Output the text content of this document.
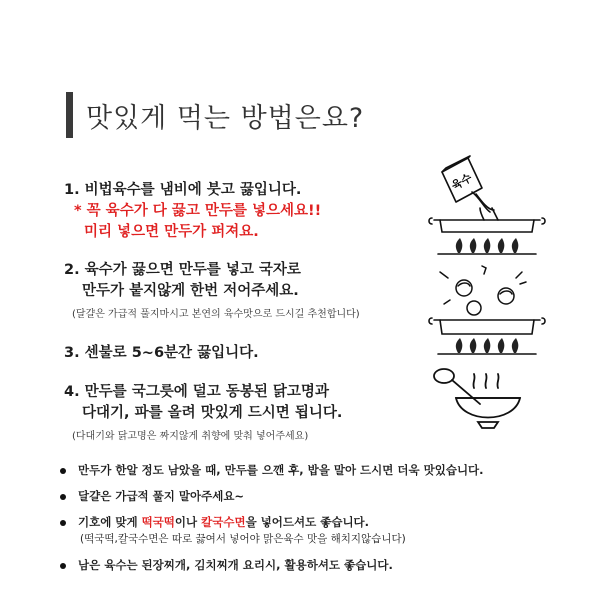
맛있게 먹는 방법은요?
1. 비법육수를 냄비에 붓고 끓입니다.
* 꼭 육수가 다 끓고 만두를 넣으세요!!
미리 넣으면 만두가 퍼져요.
2. 육수가 끓으면 만두를 넣고 국자로
만두가 붙지않게 한번 저어주세요.
(달걀은 가급적 풀지마시고 본연의 육수맛으로 드시길 추천합니다)
3. 센불로 5~6분간 끓입니다.
4. 만두를 국그릇에 덜고 동봉된 닭고명과
다대기, 파를 올려 맛있게 드시면 됩니다.
(다대기와 닭고명은 짜지않게 취향에 맞춰 넣어주세요)
만두가 한알 정도 남았을 때, 만두를 으깬 후, 밥을 말아 드시면 더욱 맛있습니다.
달걀은 가급적 풀지 말아주세요~
기호에 맞게 떡국떡이나 칼국수면을 넣어드셔도 좋습니다.
(떡국떡,칼국수면은 따로 끓여서 넣어야 맑은육수 맛을 해치지않습니다)
남은 육수는 된장찌개, 김치찌개 요리시, 활용하셔도 좋습니다.
육수
